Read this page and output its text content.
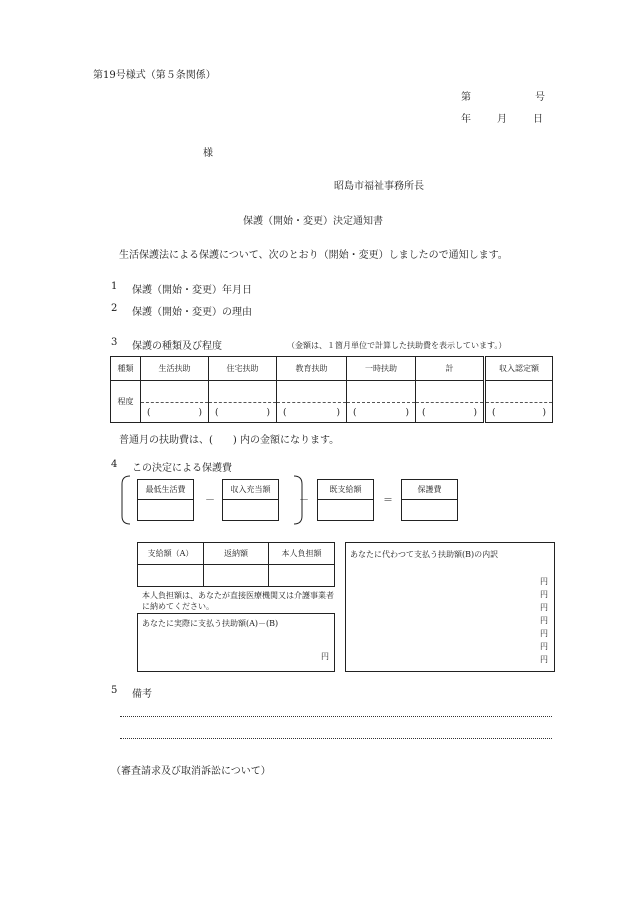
第19号様式（第５条関係）
第	号
年	月	日
様
昭島市福祉事務所長
保護（開始・変更）決定通知書
生活保護法による保護について、次のとおり（開始・変更）しましたので通知します。
1 保護（開始・変更）年月日
2 保護（開始・変更）の理由
3 保護の種類及び程度	（金額は、１箇月単位で計算した扶助費を表示しています。）
種類	生活扶助	住宅扶助	教育扶助	一時扶助	計	収入認定額
程度	( )	( )	( )	( )	( )	( )
普通月の扶助費は、(　　) 内の金額になります。
4 この決定による保護費
最低生活費
－
収入充当額
－
既支給額
＝
保護費
支給額（A）	返納額	本人負担額

本人負担額は、あなたが直接医療機関又は介護事業者に納めてください。
あなたに実際に支払う扶助額(A)－(B)
円
あなたに代わつて支払う扶助額(B)の内訳
円
円
円
円
円
円
円
5 備考
（審査請求及び取消訴訟について）
